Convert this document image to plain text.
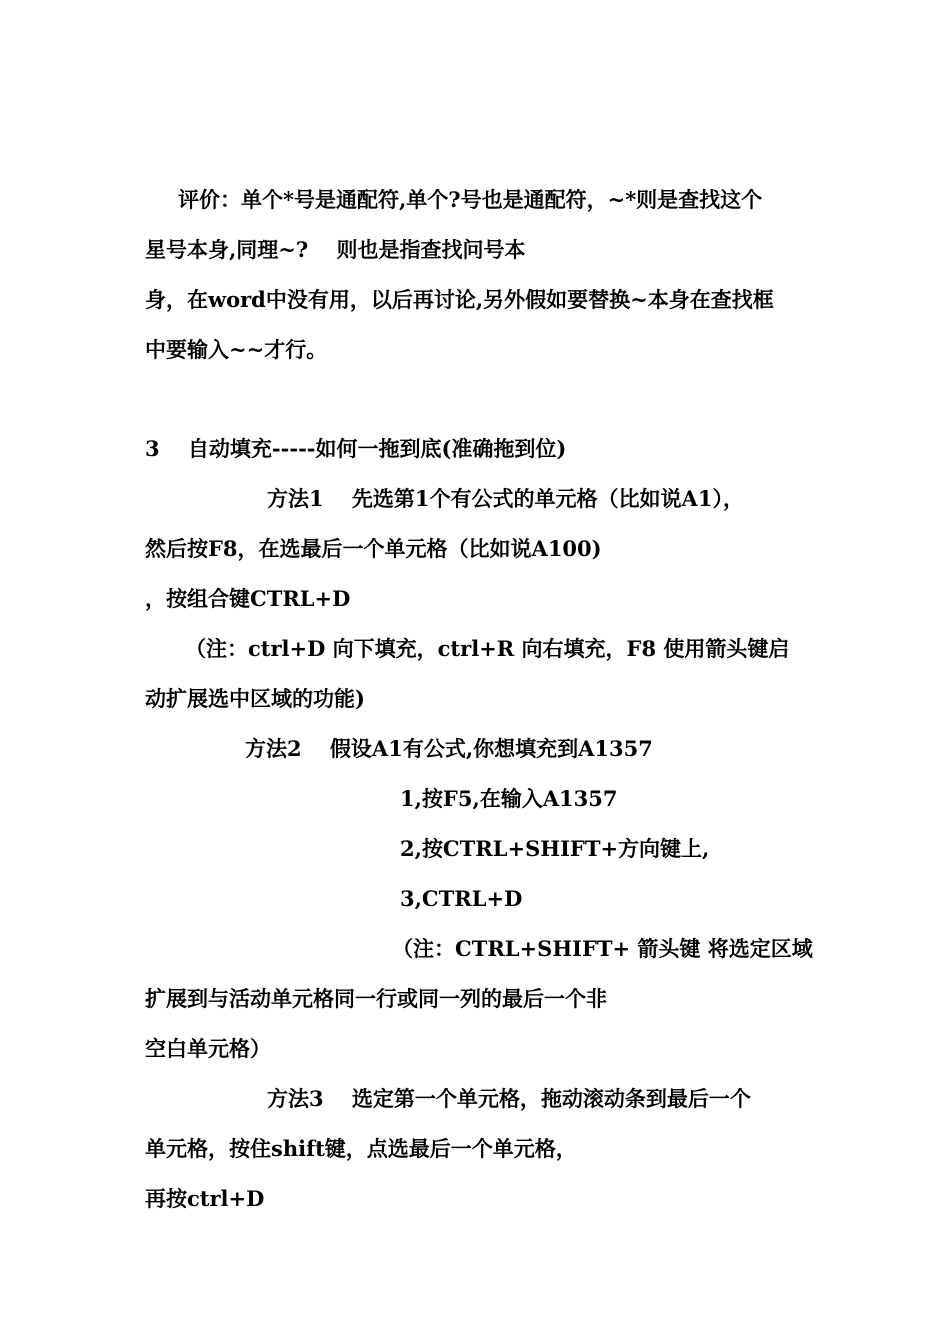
评价：单个*号是通配符,单个?号也是通配符，~*则是查找这个
星号本身,同理~?　 则也是指查找问号本
身，在word中没有用，以后再讨论,另外假如要替换~本身在查找框
中要输入~~才行。
3　 自动填充-----如何一拖到底(准确拖到位)
方法1　 先选第1个有公式的单元格（比如说A1），
然后按F8，在选最后一个单元格（比如说A100)
，按组合键CTRL+D
（注：ctrl+D 向下填充，ctrl+R 向右填充，F8 使用箭头键启
动扩展选中区域的功能)
方法2　 假设A1有公式,你想填充到A1357
1,按F5,在输入A1357
2,按CTRL+SHIFT+方向键上,
3,CTRL+D
（注：CTRL+SHIFT+ 箭头键 将选定区域
扩展到与活动单元格同一行或同一列的最后一个非
空白单元格）
方法3　 选定第一个单元格，拖动滚动条到最后一个
单元格，按住shift键，点选最后一个单元格，
再按ctrl+D
